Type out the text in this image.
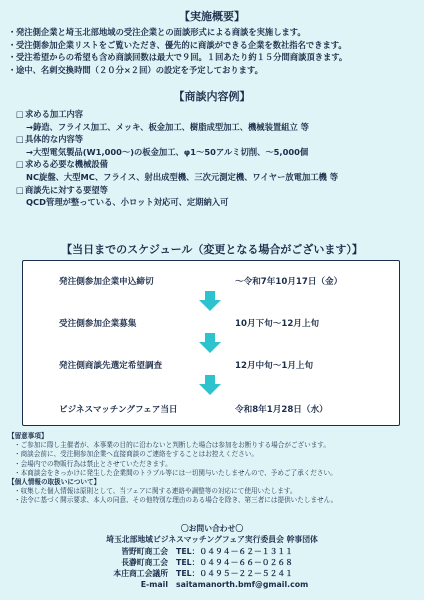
【実施概要】
・ 発注側企業と埼玉北部地域の受注企業との面談形式による商談を実施します。
・ 受注側参加企業リストをご覧いただき、優先的に商談ができる企業を数社指名できます。
・ 受注希望からの希望も含め商談回数は最大で９回。１回あたり約１５分間商談頂きます。
・ 途中、名刺交換時間（２０分×２回）の設定を予定しております。
【商談内容例】
□ 求める加工内容
→鋳造、フライス加工、メッキ、板金加工、樹脂成型加工、機械装置組立 等
□ 具体的な内容等
→大型電気製品(W1,000～)の板金加工、φ1～50アルミ切削、～5,000個
□ 求める必要な機械設備
NC旋盤、大型MC、フライス、射出成型機、三次元測定機、ワイヤー放電加工機 等
□ 商談先に対する要望等
QCD管理が整っている、小ロット対応可、定期納入可
【当日までのスケジュール（変更となる場合がございます）】
発注側参加企業申込締切	～令和7年10月17日（金）
受注側参加企業募集	10月下旬～12月上旬
発注側商談先選定希望調査	12月中旬～1月上旬
ビジネスマッチングフェア当日	令和8年1月28日（水）
【留意事項】
・ご参加に際し主催者が、本事業の目的に沿わないと判断した場合は参加をお断りする場合がございます。
・商談会前に、受注側参加企業へ直接商談のご連絡をすることはお控えください。
・会場内での物販行為は禁止とさせていただきます。
・本商談会をきっかけに発生した企業間のトラブル等には一切関与いたしませんので、予めご了承ください。
【個人情報の取扱いについて】
・収集した個人情報は原則として、当フェアに関する連絡や調整等の対応にて使用いたします。
・法令に基づく開示要求、本人の同意、その他特別な理由のある場合を除き、第三者には提供いたしません。
〇お問い合わせ〇
埼玉北部地域ビジネスマッチングフェア実行委員会 幹事団体
皆野町商工会 TEL：０４９４－６２－１３１１
長瀞町商工会 TEL：０４９４－６６－０２６８
本庄商工会議所 TEL：０４９５－２２－５２４１
E-mail saitamanorth.bmf@gmail.com
